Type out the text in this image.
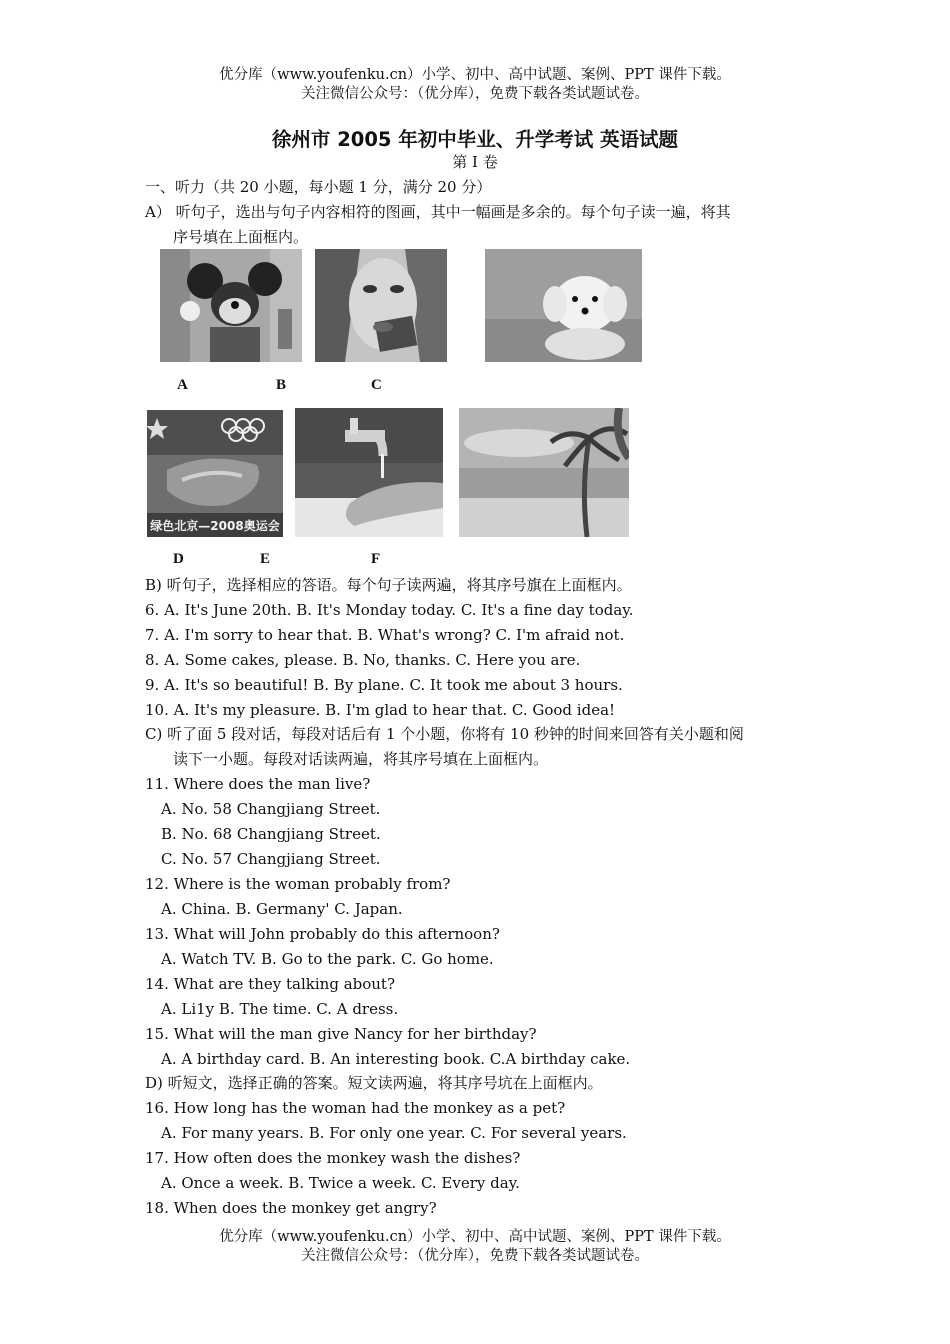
优分库（www.youfenku.cn）小学、初中、高中试题、案例、PPT 课件下载。
关注微信公众号：（优分库），免费下载各类试题试卷。
徐州市 2005 年初中毕业、升学考试 英语试题
第 Ⅰ 卷
一、听力（共 20 小题，每小题 1 分，满分 20 分）
A） 听句子，选出与句子内容相符的图画，其中一幅画是多余的。每个句子读一遍，将其
序号填在上面框内。
A	B	C
绿色北京—2008奥运会
D	E	F
B) 听句子，选择相应的答语。每个句子读两遍，将其序号旗在上面框内。
6. A. It's June 20th. B. It's Monday today. C. It's a fine day today.
7. A. I'm sorry to hear that. B. What's wrong? C. I'm afraid not.
8. A. Some cakes, please. B. No, thanks. C. Here you are.
9. A. It's so beautiful! B. By plane. C. It took me about 3 hours.
10. A. It's my pleasure. B. I'm glad to hear that. C. Good idea!
C) 听了面 5 段对话，每段对话后有 1 个小题，你将有 10 秒钟的时间来回答有关小题和阅
读下一小题。每段对话读两遍，将其序号填在上面框内。
11. Where does the man live?
A. No. 58 Changjiang Street.
B. No. 68 Changjiang Street.
C. No. 57 Changjiang Street.
12. Where is the woman probably from?
A. China. B. Germany' C. Japan.
13. What will John probably do this afternoon?
A. Watch TV. B. Go to the park. C. Go home.
14. What are they talking about?
A. Li1y B. The time. C. A dress.
15. What will the man give Nancy for her birthday?
A. A birthday card. B. An interesting book. C.A birthday cake.
D) 听短文，选择正确的答案。短文读两遍，将其序号坑在上面框内。
16. How long has the woman had the monkey as a pet?
A. For many years. B. For only one year. C. For several years.
17. How often does the monkey wash the dishes?
A. Once a week. B. Twice a week. C. Every day.
18. When does the monkey get angry?
优分库（www.youfenku.cn）小学、初中、高中试题、案例、PPT 课件下载。
关注微信公众号：（优分库），免费下载各类试题试卷。
